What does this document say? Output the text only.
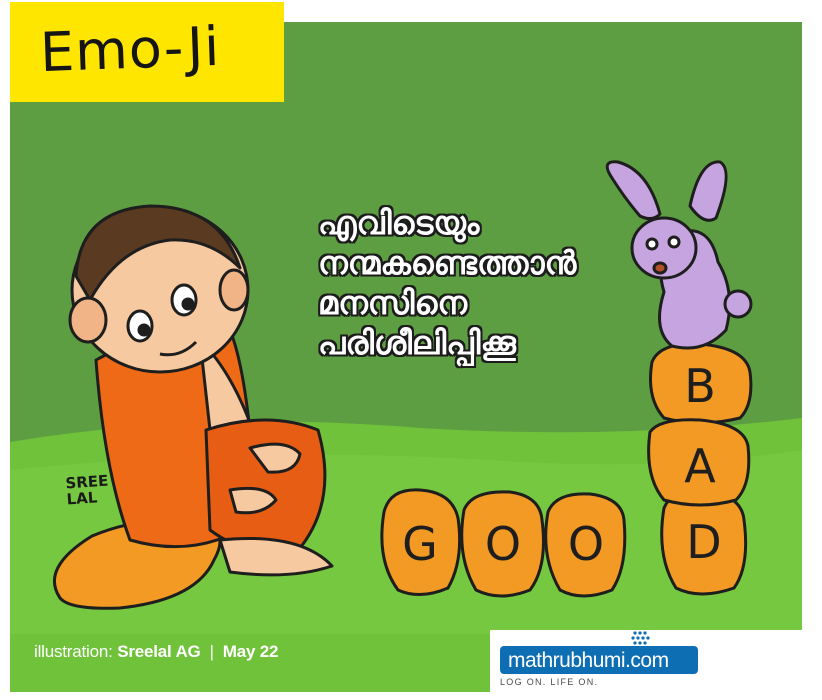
G O O D
B
A
Emo-Ji
എവിടെയും
നന്മകണ്ടെത്താൻ
മനസിനെ
പരിശീലിപ്പിക്കൂ
SREE
LAL
illustration: Sreelal AG | May 22	mathrubhumi.com
LOG ON. LIFE ON.
